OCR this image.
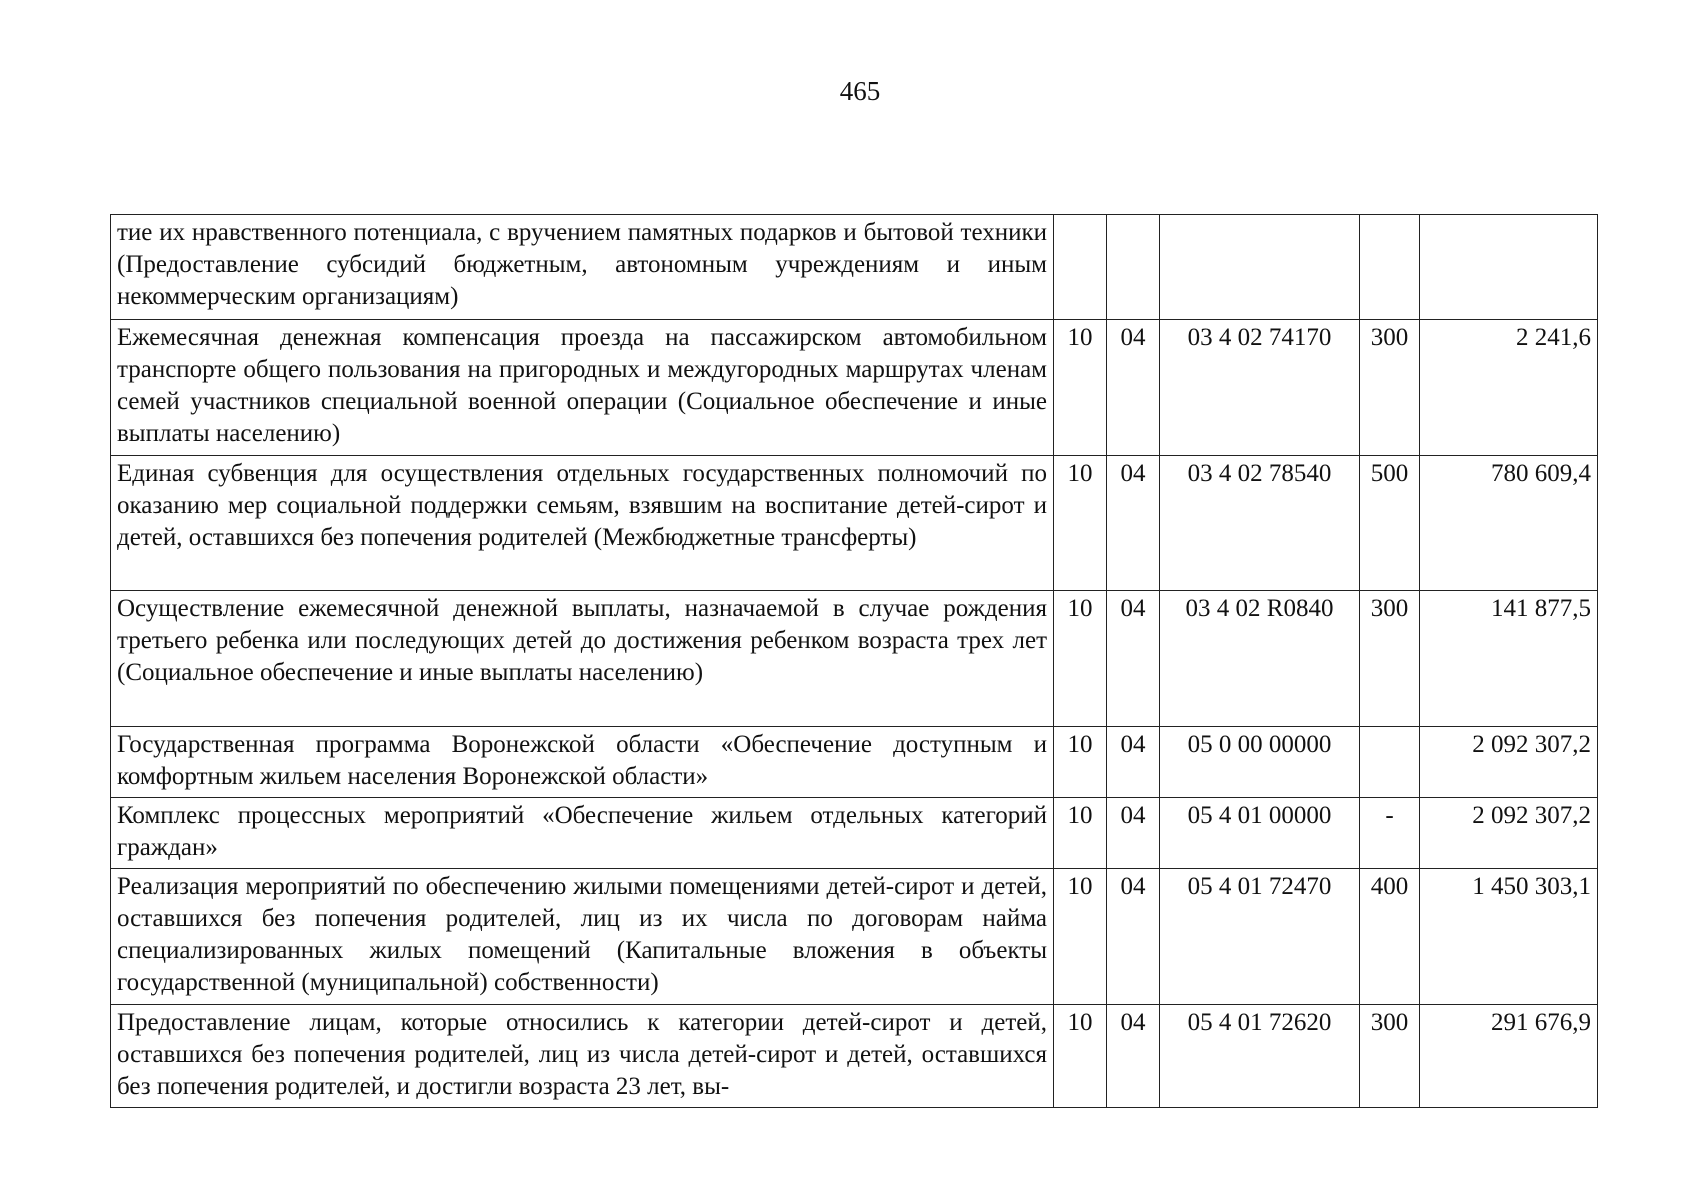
465
тие их нравственного потенциала, с вручением памятных подарков и бытовой техники (Предоставление субсидий бюджетным, автономным учреждениям и иным некоммерческим организациям)					
Ежемесячная денежная компенсация проезда на пассажирском автомобильном транспорте общего пользования на пригородных и междугородных маршрутах членам семей участников специальной военной операции (Социальное обеспечение и иные выплаты населению)	10	04	03 4 02 74170	300	2 241,6
Единая субвенция для осуществления отдельных государственных полномочий по оказанию мер социальной поддержки семьям, взявшим на воспитание детей-сирот и детей, оставшихся без попечения родителей (Межбюджетные трансферты)	10	04	03 4 02 78540	500	780 609,4
Осуществление ежемесячной денежной выплаты, назначаемой в случае рождения третьего ребенка или последующих детей до достижения ребенком возраста трех лет (Социальное обеспечение и иные выплаты населению)	10	04	03 4 02 R0840	300	141 877,5
Государственная программа Воронежской области «Обеспечение доступным и комфортным жильем населения Воронежской области»	10	04	05 0 00 00000		2 092 307,2
Комплекс процессных мероприятий «Обеспечение жильем отдельных категорий граждан»	10	04	05 4 01 00000	-	2 092 307,2
Реализация мероприятий по обеспечению жилыми помещениями детей-сирот и детей, оставшихся без попечения родителей, лиц из их числа по договорам найма специализированных жилых помещений (Капитальные вложения в объекты государственной (муниципальной) собственности)	10	04	05 4 01 72470	400	1 450 303,1
Предоставление лицам, которые относились к категории детей-сирот и детей, оставшихся без попечения родителей, лиц из числа детей-сирот и детей, оставшихся без попечения родителей, и достигли возраста 23 лет, вы-	10	04	05 4 01 72620	300	291 676,9
